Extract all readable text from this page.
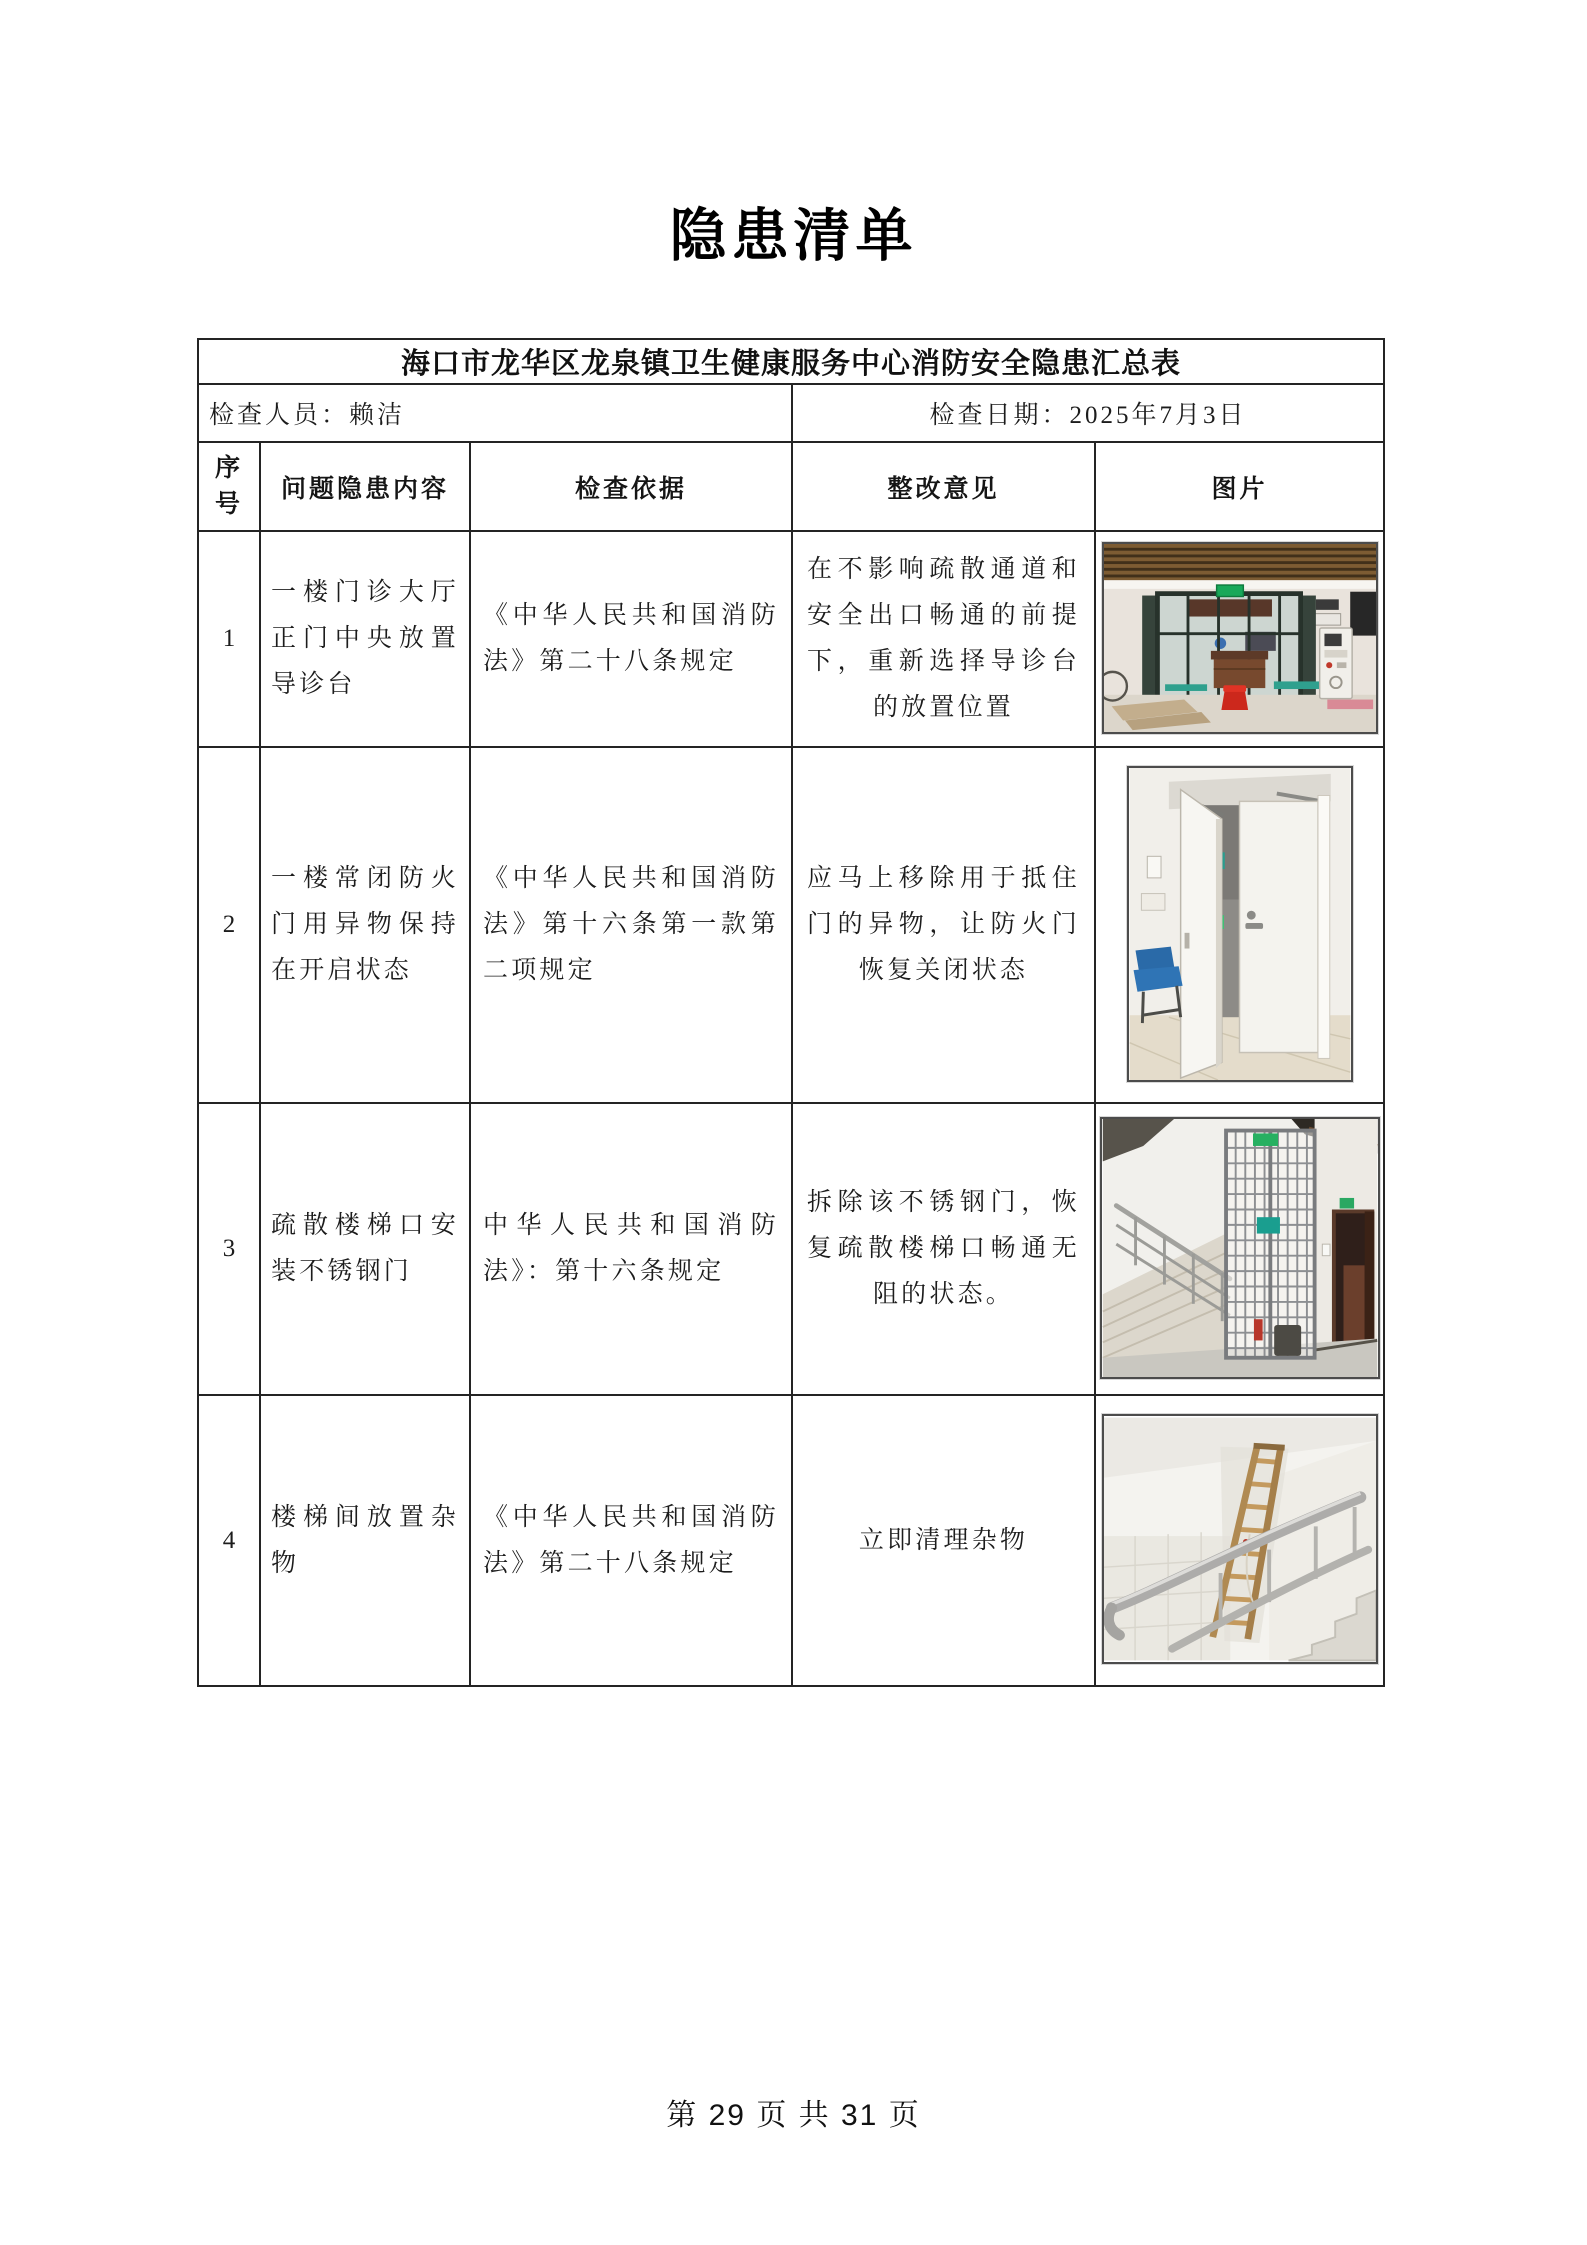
隐患清单
海口市龙华区龙泉镇卫生健康服务中心消防安全隐患汇总表				
检查人员：赖洁			检查日期：2025年7月3日	
序号	问题隐患内容	检查依据	整改意见	图片
1	一楼门诊大厅正门中央放置导诊台	《中华人民共和国消防法》第二十八条规定	在不影响疏散通道和安全出口畅通的前提下，重新选择导诊台的放置位置	
2	一楼常闭防火门用异物保持在开启状态	《中华人民共和国消防法》第十六条第一款第二项规定	应马上移除用于抵住门的异物，让防火门恢复关闭状态	
3	疏散楼梯口安装不锈钢门	中华人民共和国消防法》：第十六条规定	拆除该不锈钢门，恢复疏散楼梯口畅通无阻的状态。	
4	楼梯间放置杂物	《中华人民共和国消防法》第二十八条规定	立即清理杂物	
第 29 页 共 31 页
